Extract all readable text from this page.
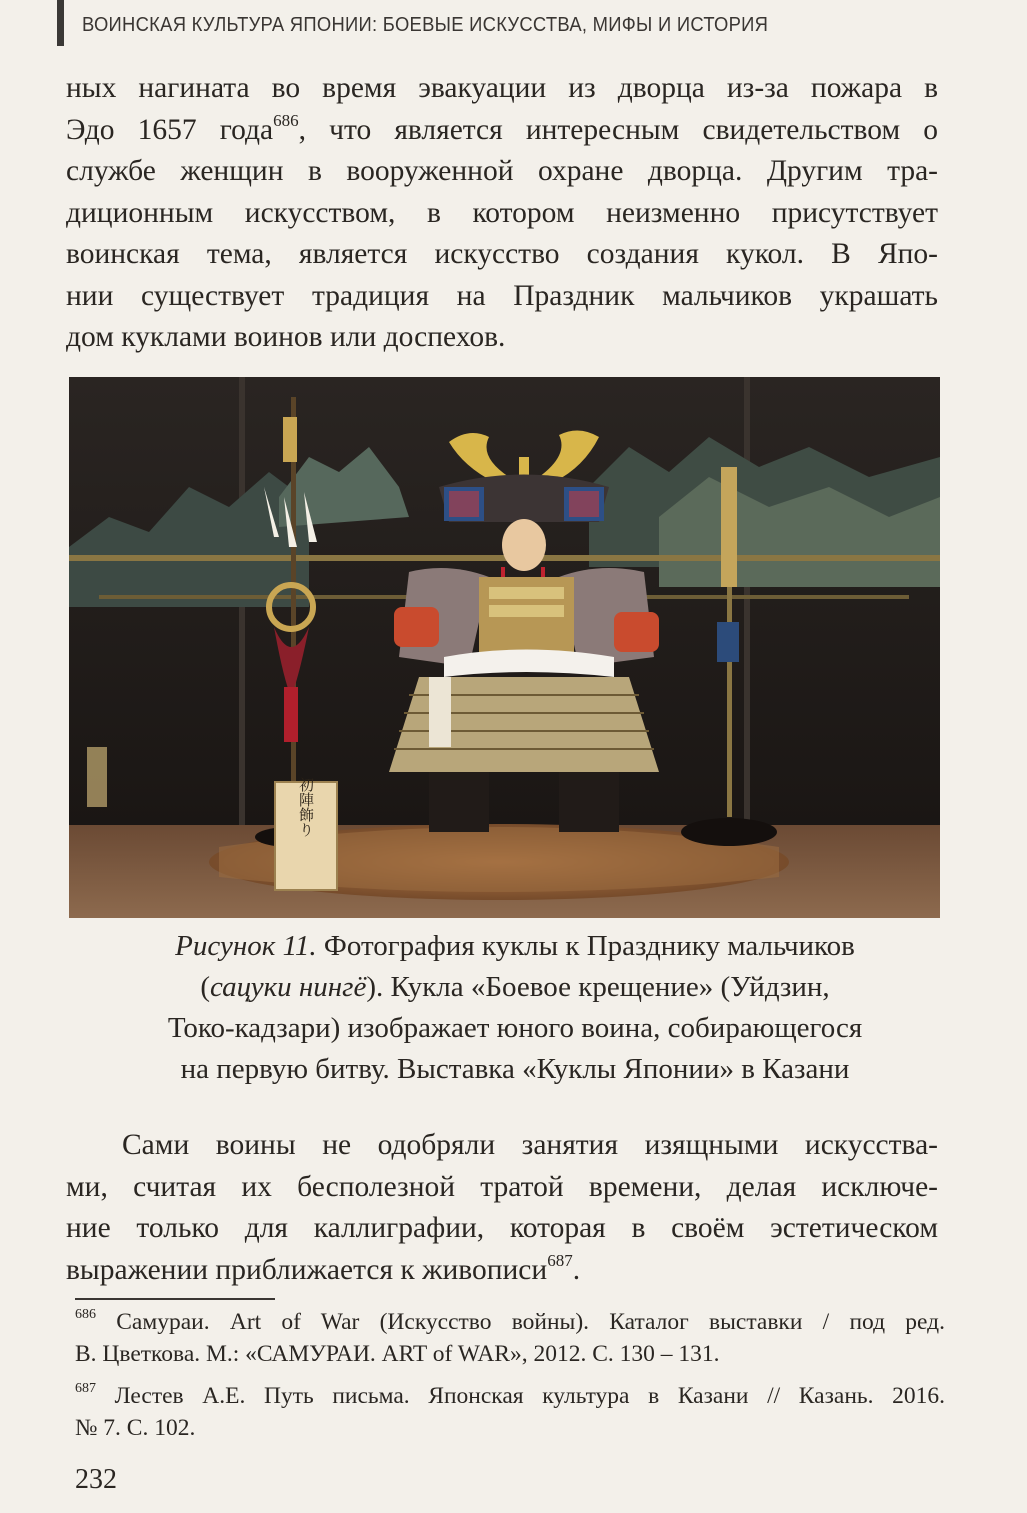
ВОИНСКАЯ КУЛЬТУРА ЯПОНИИ: БОЕВЫЕ ИСКУССТВА, МИФЫ И ИСТОРИЯ
ных нагината во время эвакуации из дворца из-за пожара в
Эдо 1657 года$^{686}$, что является интересным свидетельством о
службе женщин в вооруженной охране дворца. Другим тра-
диционным искусством, в котором неизменно присутствует
воинская тема, является искусство создания кукол. В Япо-
нии существует традиция на Праздник мальчиков украшать
дом куклами воинов или доспехов.
初陣飾り
Рисунок 11. Фотография куклы к Празднику мальчиков
(сацуки нингё). Кукла «Боевое крещение» (Уйдзин,
Токо-кадзари) изображает юного воина, собирающегося
на первую битву. Выставка «Куклы Японии» в Казани
Сами воины не одобряли занятия изящными искусства-
ми, считая их бесполезной тратой времени, делая исключе-
ние только для каллиграфии, которая в своём эстетическом
выражении приближается к живописи$^{687}$.
$^{686}$ Самураи. Art of War (Искусство войны). Каталог выставки / под ред.
В. Цветкова. М.: «САМУРАИ. ART of WAR», 2012. С. 130 – 131.
$^{687}$ Лестев А.Е. Путь письма. Японская культура в Казани // Казань. 2016.
№ 7. С. 102.
232
